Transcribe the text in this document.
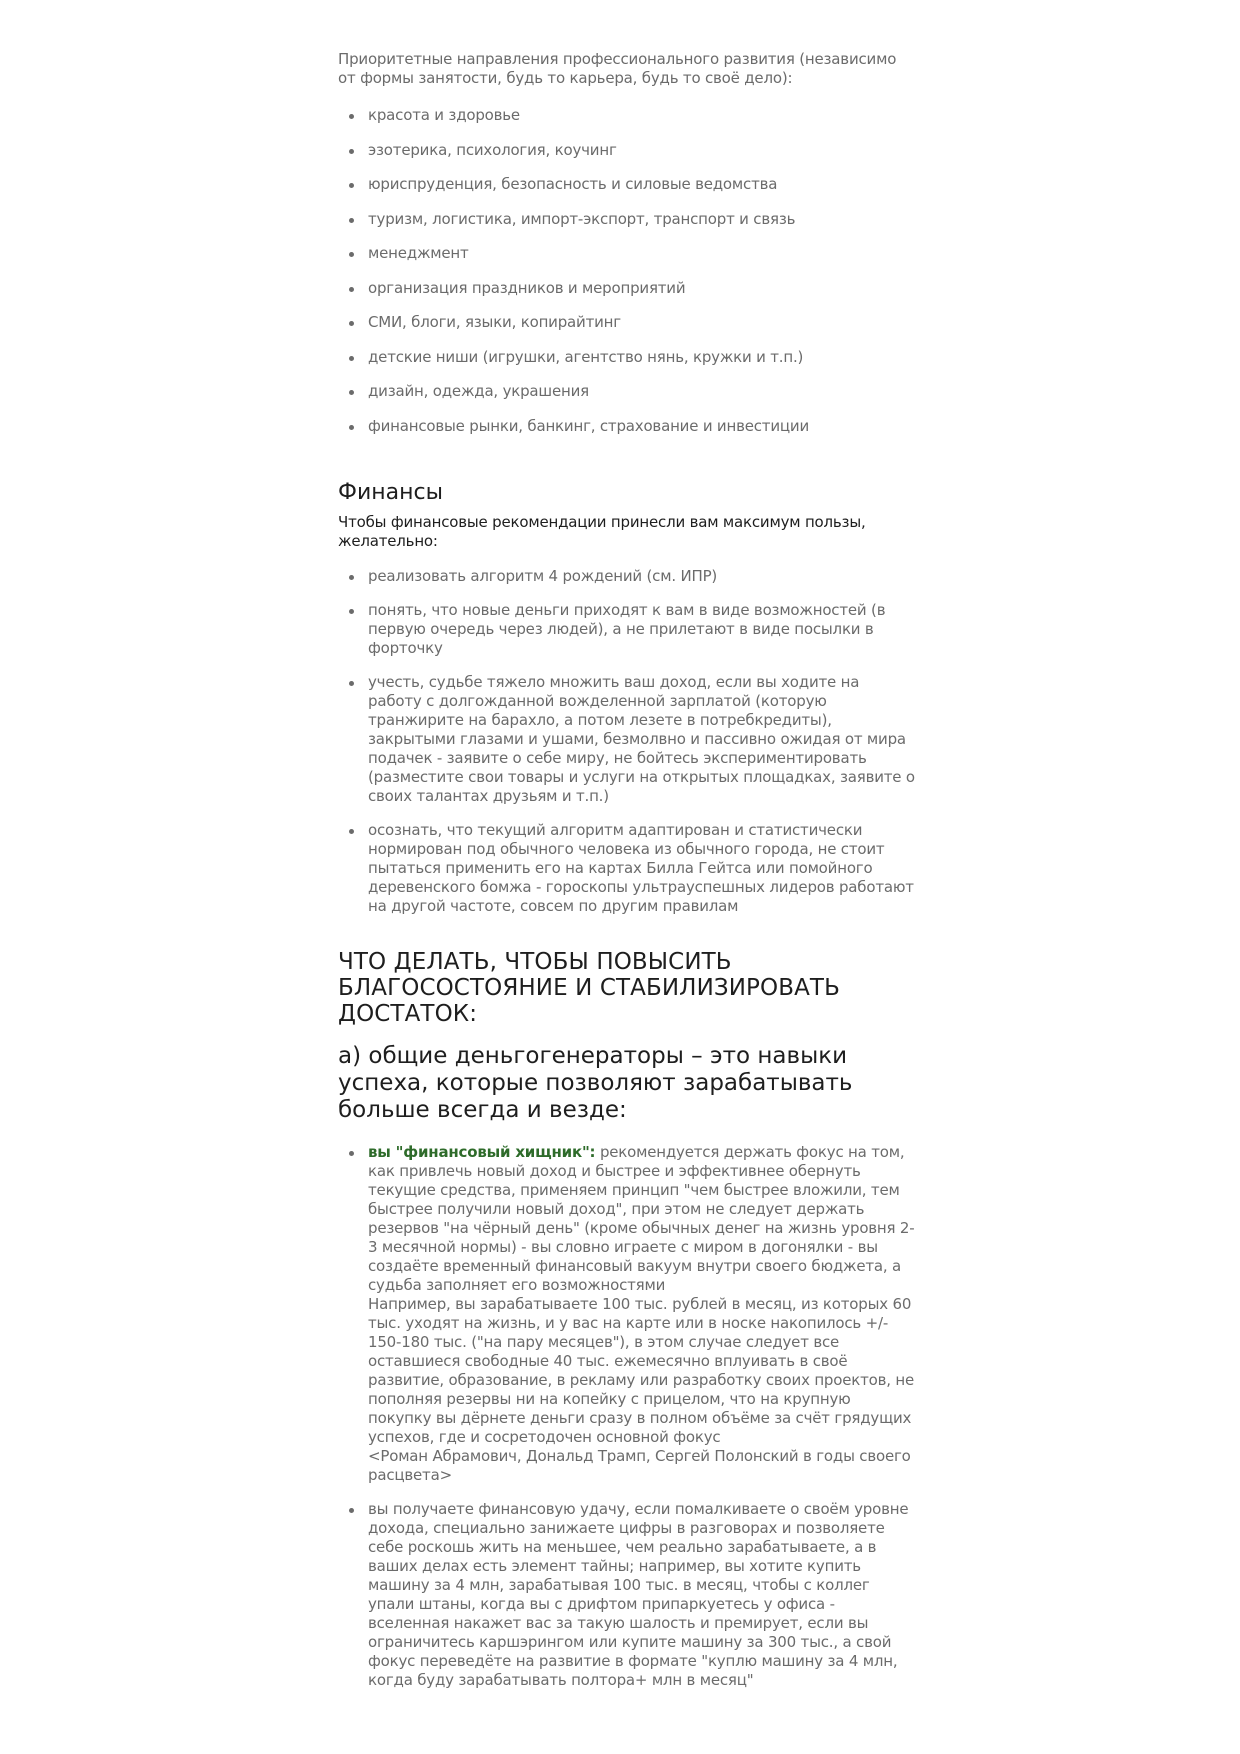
Приоритетные направления профессионального развития (независимо от формы занятости, будь то карьера, будь то своё дело):

красота и здоровье
эзотерика, психология, коучинг
юриспруденция, безопасность и силовые ведомства
туризм, логистика, импорт-экспорт, транспорт и связь
менеджмент
организация праздников и мероприятий
СМИ, блоги, языки, копирайтинг
детские ниши (игрушки, агентство нянь, кружки и т.п.)
дизайн, одежда, украшения
финансовые рынки, банкинг, страхование и инвестиции
Финансы

Чтобы финансовые рекомендации принесли вам максимум пользы, желательно:

реализовать алгоритм 4 рождений (см. ИПР)
понять, что новые деньги приходят к вам в виде возможностей (в первую очередь через людей), а не прилетают в виде посылки в форточку
учесть, судьбе тяжело множить ваш доход, если вы ходите на работу с долгожданной вожделенной зарплатой (которую транжирите на барахло, а потом лезете в потребкредиты), закрытыми глазами и ушами, безмолвно и пассивно ожидая от мира подачек - заявите о себе миру, не бойтесь экспериментировать (разместите свои товары и услуги на открытых площадках, заявите о своих талантах друзьям и т.п.)
осознать, что текущий алгоритм адаптирован и статистически нормирован под обычного человека из обычного города, не стоит пытаться применить его на картах Билла Гейтса или помойного деревенского бомжа - гороскопы ультрауспешных лидеров работают на другой частоте, совсем по другим правилам
ЧТО ДЕЛАТЬ, ЧТОБЫ ПОВЫСИТЬ БЛАГОСОСТОЯНИЕ И СТАБИЛИЗИРОВАТЬ ДОСТАТОК:
а) общие деньгогенераторы – это навыки успеха, которые позволяют зарабатывать больше всегда и везде:
вы "финансовый хищник": рекомендуется держать фокус на том, как привлечь новый доход и быстрее и эффективнее обернуть текущие средства, применяем принцип "чем быстрее вложили, тем быстрее получили новый доход", при этом не следует держать резервов "на чёрный день" (кроме обычных денег на жизнь уровня 2-3 месячной нормы) - вы словно играете с миром в догонялки - вы создаёте временный финансовый вакуум внутри своего бюджета, а судьба заполняет его возможностями
Например, вы зарабатываете 100 тыс. рублей в месяц, из которых 60 тыс. уходят на жизнь, и у вас на карте или в носке накопилось +/- 150-180 тыс. ("на пару месяцев"), в этом случае следует все оставшиеся свободные 40 тыс. ежемесячно вплуивать в своё развитие, образование, в рекламу или разработку своих проектов, не пополняя резервы ни на копейку с прицелом, что на крупную покупку вы дёрнете деньги сразу в полном объёме за счёт грядущих успехов, где и сосретодочен основной фокус
<Роман Абрамович, Дональд Трамп, Сергей Полонский в годы своего расцвета>
вы получаете финансовую удачу, если помалкиваете о своём уровне дохода, специально занижаете цифры в разговорах и позволяете себе роскошь жить на меньшее, чем реально зарабатываете, а в ваших делах есть элемент тайны; например, вы хотите купить машину за 4 млн, зарабатывая 100 тыс. в месяц, чтобы с коллег упали штаны, когда вы с дрифтом припаркуетесь у офиса - вселенная накажет вас за такую шалость и премирует, если вы ограничитесь каршэрингом или купите машину за 300 тыс., а свой фокус переведёте на развитие в формате "куплю машину за 4 млн, когда буду зарабатывать полтора+ млн в месяц"
